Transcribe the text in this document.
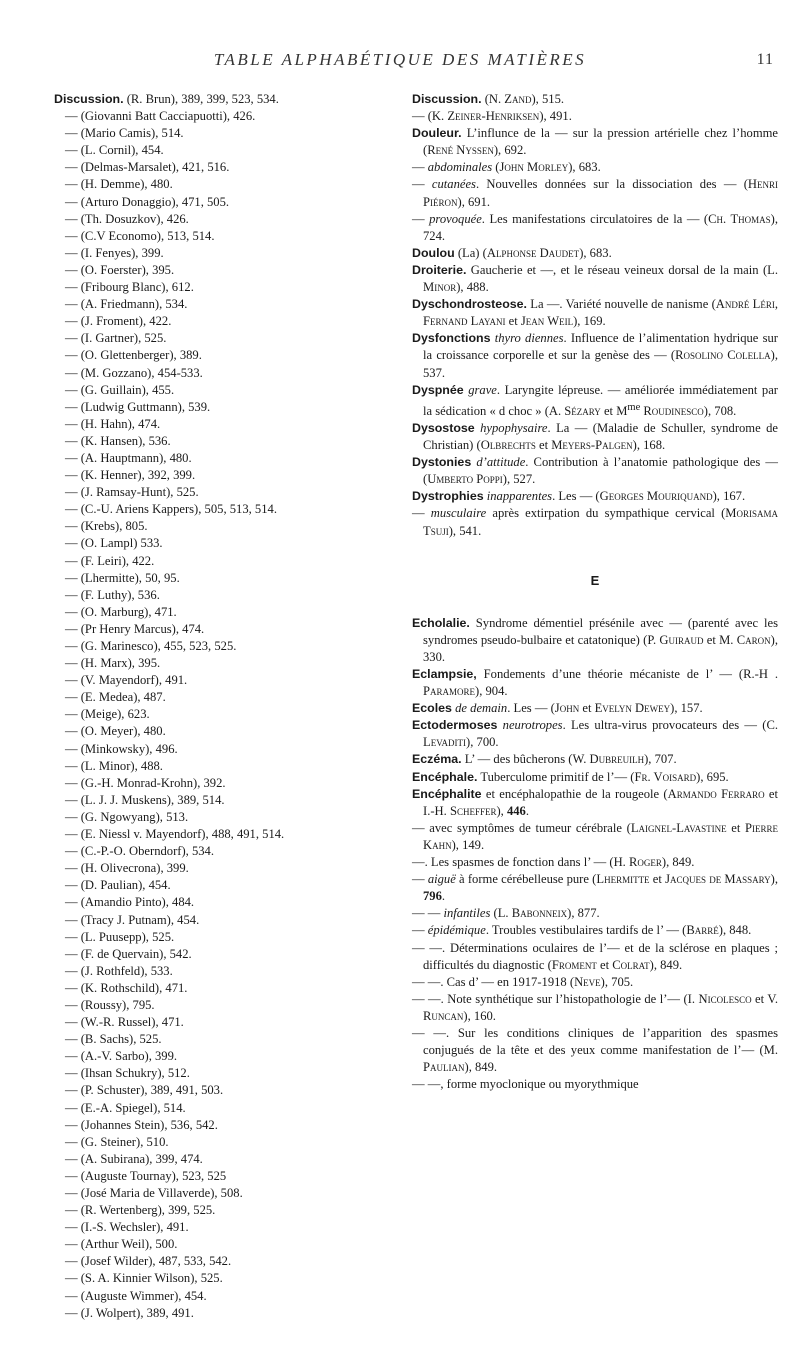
TABLE ALPHABÉTIQUE DES MATIÈRES	11

Discussion. (R. Brun), 389, 399, 523, 534.

— (Giovanni Batt Cacciapuotti), 426.
— (Mario Camis), 514.
— (L. Cornil), 454.
— (Delmas-Marsalet), 421, 516.
— (H. Demme), 480.
— (Arturo Donaggio), 471, 505.
— (Th. Dosuzkov), 426.
— (C.V Economo), 513, 514.
— (I. Fenyes), 399.
— (O. Foerster), 395.
— (Fribourg Blanc), 612.
— (A. Friedmann), 534.
— (J. Froment), 422.
— (I. Gartner), 525.
— (O. Glettenberger), 389.
— (M. Gozzano), 454-533.
— (G. Guillain), 455.
— (Ludwig Guttmann), 539.
— (H. Hahn), 474.
— (K. Hansen), 536.
— (A. Hauptmann), 480.
— (K. Henner), 392, 399.
— (J. Ramsay-Hunt), 525.
— (C.-U. Ariens Kappers), 505, 513, 514.
— (Krebs), 805.
— (O. Lampl) 533.
— (F. Leiri), 422.
— (Lhermitte), 50, 95.
— (F. Luthy), 536.
— (O. Marburg), 471.
— (Pr Henry Marcus), 474.
— (G. Marinesco), 455, 523, 525.
— (H. Marx), 395.
— (V. Mayendorf), 491.
— (E. Medea), 487.
— (Meige), 623.
— (O. Meyer), 480.
— (Minkowsky), 496.
— (L. Minor), 488.
— (G.-H. Monrad-Krohn), 392.
— (L. J. J. Muskens), 389, 514.
— (G. Ngowyang), 513.
— (E. Niessl v. Mayendorf), 488, 491, 514.
— (C.-P.-O. Oberndorf), 534.
— (H. Olivecrona), 399.
— (D. Paulian), 454.
— (Amandio Pinto), 484.
— (Tracy J. Putnam), 454.
— (L. Puusepp), 525.
— (F. de Quervain), 542.
— (J. Rothfeld), 533.
— (K. Rothschild), 471.
— (Roussy), 795.
— (W.-R. Russel), 471.
— (B. Sachs), 525.
— (A.-V. Sarbo), 399.
— (Ihsan Schukry), 512.
— (P. Schuster), 389, 491, 503.
— (E.-A. Spiegel), 514.
— (Johannes Stein), 536, 542.
— (G. Steiner), 510.
— (A. Subirana), 399, 474.
— (Auguste Tournay), 523, 525
— (José Maria de Villaverde), 508.
— (R. Wertenberg), 399, 525.
— (I.-S. Wechsler), 491.
— (Arthur Weil), 500.
— (Josef Wilder), 487, 533, 542.
— (S. A. Kinnier Wilson), 525.
— (Auguste Wimmer), 454.
— (J. Wolpert), 389, 491.

Discussion. (N. Zand), 515.

— (K. Zeiner-Henriksen), 491.

Douleur. L’influnce de la — sur la pression artérielle chez l’homme (René Nyssen), 692.

— abdominales (John Morley), 683.

— cutanées. Nouvelles données sur la dissociation des — (Henri Piéron), 691.

— provoquée. Les manifestations circulatoires de la — (Ch. Thomas), 724.

Doulou (La) (Alphonse Daudet), 683.

Droiterie. Gaucherie et —, et le réseau veineux dorsal de la main (L. Minor), 488.

Dyschondrosteose. La —. Variété nouvelle de nanisme (André Léri, Fernand Layani et Jean Weil), 169.

Dysfonctions thyro diennes. Influence de l’alimentation hydrique sur la croissance corporelle et sur la genèse des — (Rosolino Colella), 537.

Dyspnée grave. Laryngite lépreuse. — améliorée immédiatement par la sédication « d choc » (A. Sézary et $M^{me}$ Roudinesco), 708.

Dysostose hypophysaire. La — (Maladie de Schuller, syndrome de Christian) (Olbrechts et Meyers-Palgen), 168.

Dystonies d’attitude. Contribution à l’anatomie pathologique des — (Umberto Poppi), 527.

Dystrophies inapparentes. Les — (Georges Mouriquand), 167.

— musculaire après extirpation du sympathique cervical (Morisama Tsuji), 541.

E

Echolalie. Syndrome démentiel présénile avec — (parenté avec les syndromes pseudo-bulbaire et catatonique) (P. Guiraud et M. Caron), 330.

Eclampsie, Fondements d’une théorie mécaniste de l’ — (R.-H . Paramore), 904.

Ecoles de demain. Les — (John et Evelyn Dewey), 157.

Ectodermoses neurotropes. Les ultra-virus provocateurs des — (C. Levaditi), 700.

Eczéma. L’ — des bûcherons (W. Dubreuilh), 707.

Encéphale. Tuberculome primitif de l’— (Fr. Voisard), 695.

Encéphalite et encéphalopathie de la rougeole (Armando Ferraro et I.-H. Scheffer), 446.

— avec symptômes de tumeur cérébrale (Laignel-Lavastine et Pierre Kahn), 149.

—. Les spasmes de fonction dans l’ — (H. Roger), 849.

— aiguë à forme cérébelleuse pure (Lhermitte et Jacques de Massary), 796.

— — infantiles (L. Babonneix), 877.

— épidémique. Troubles vestibulaires tardifs de l’ — (Barré), 848.

— —. Déterminations oculaires de l’— et de la sclérose en plaques ; difficultés du diagnostic (Froment et Colrat), 849.

— —. Cas d’ — en 1917-1918 (Neve), 705.

— —. Note synthétique sur l’histopathologie de l’— (I. Nicolesco et V. Runcan), 160.

— —. Sur les conditions cliniques de l’apparition des spasmes conjugués de la tête et des yeux comme manifestation de l’— (M. Paulian), 849.

— —, forme myoclonique ou myorythmique
